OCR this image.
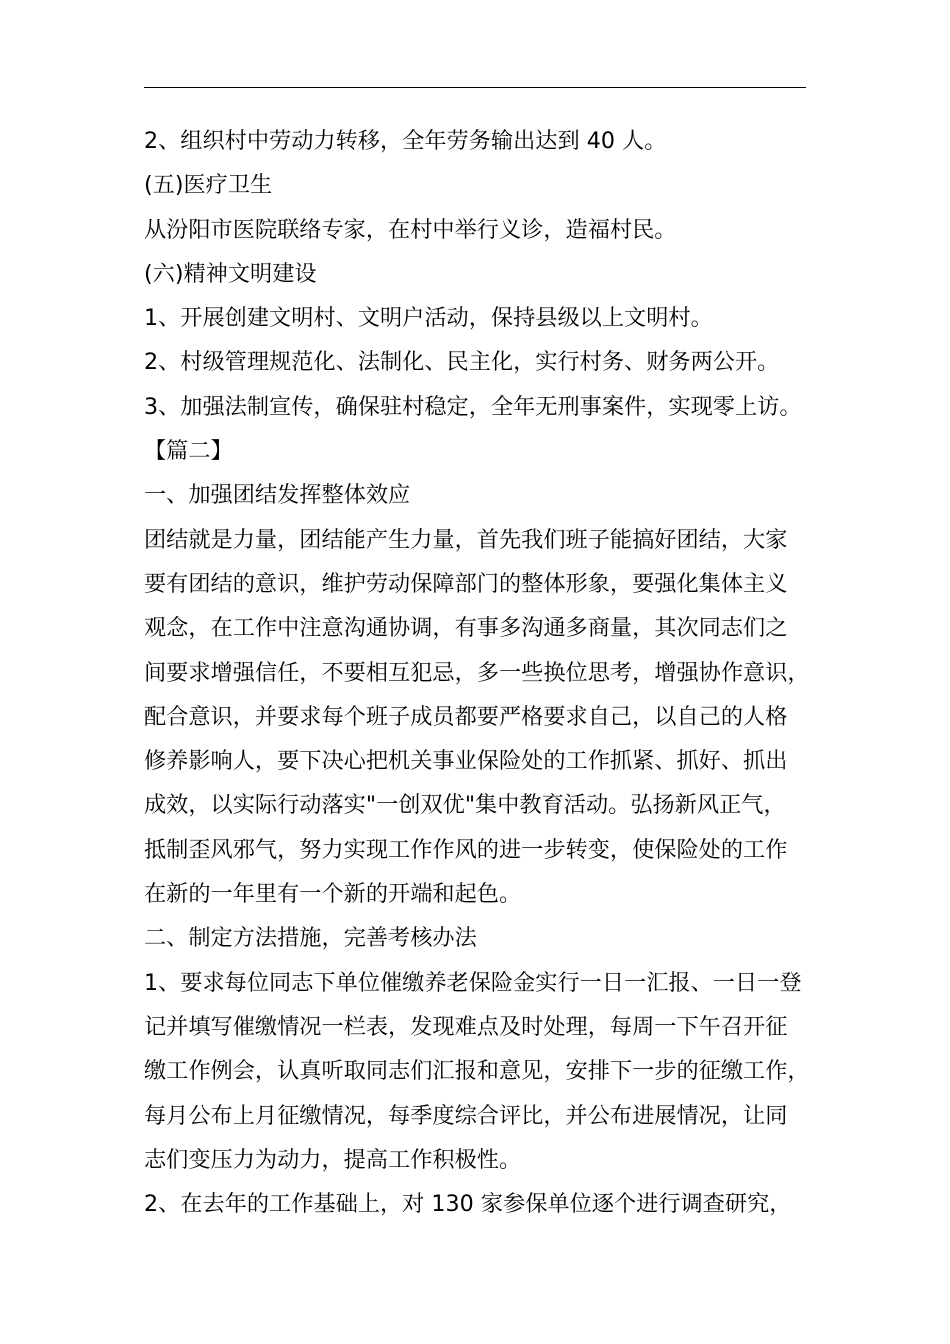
2、组织村中劳动力转移，全年劳务输出达到 40 人。
(五)医疗卫生
从汾阳市医院联络专家，在村中举行义诊，造福村民。
(六)精神文明建设
1、开展创建文明村、文明户活动，保持县级以上文明村。
2、村级管理规范化、法制化、民主化，实行村务、财务两公开。
3、加强法制宣传，确保驻村稳定，全年无刑事案件，实现零上访。
【篇二】
一、加强团结发挥整体效应
团结就是力量，团结能产生力量，首先我们班子能搞好团结，大家
要有团结的意识，维护劳动保障部门的整体形象，要强化集体主义
观念，在工作中注意沟通协调，有事多沟通多商量，其次同志们之
间要求增强信任，不要相互犯忌，多一些换位思考，增强协作意识，
配合意识，并要求每个班子成员都要严格要求自己，以自己的人格
修养影响人，要下决心把机关事业保险处的工作抓紧、抓好、抓出
成效，以实际行动落实"一创双优"集中教育活动。弘扬新风正气，
抵制歪风邪气，努力实现工作作风的进一步转变，使保险处的工作
在新的一年里有一个新的开端和起色。
二、制定方法措施，完善考核办法
1、要求每位同志下单位催缴养老保险金实行一日一汇报、一日一登
记并填写催缴情况一栏表，发现难点及时处理，每周一下午召开征
缴工作例会，认真听取同志们汇报和意见，安排下一步的征缴工作，
每月公布上月征缴情况，每季度综合评比，并公布进展情况，让同
志们变压力为动力，提高工作积极性。
2、在去年的工作基础上，对 130 家参保单位逐个进行调查研究，
